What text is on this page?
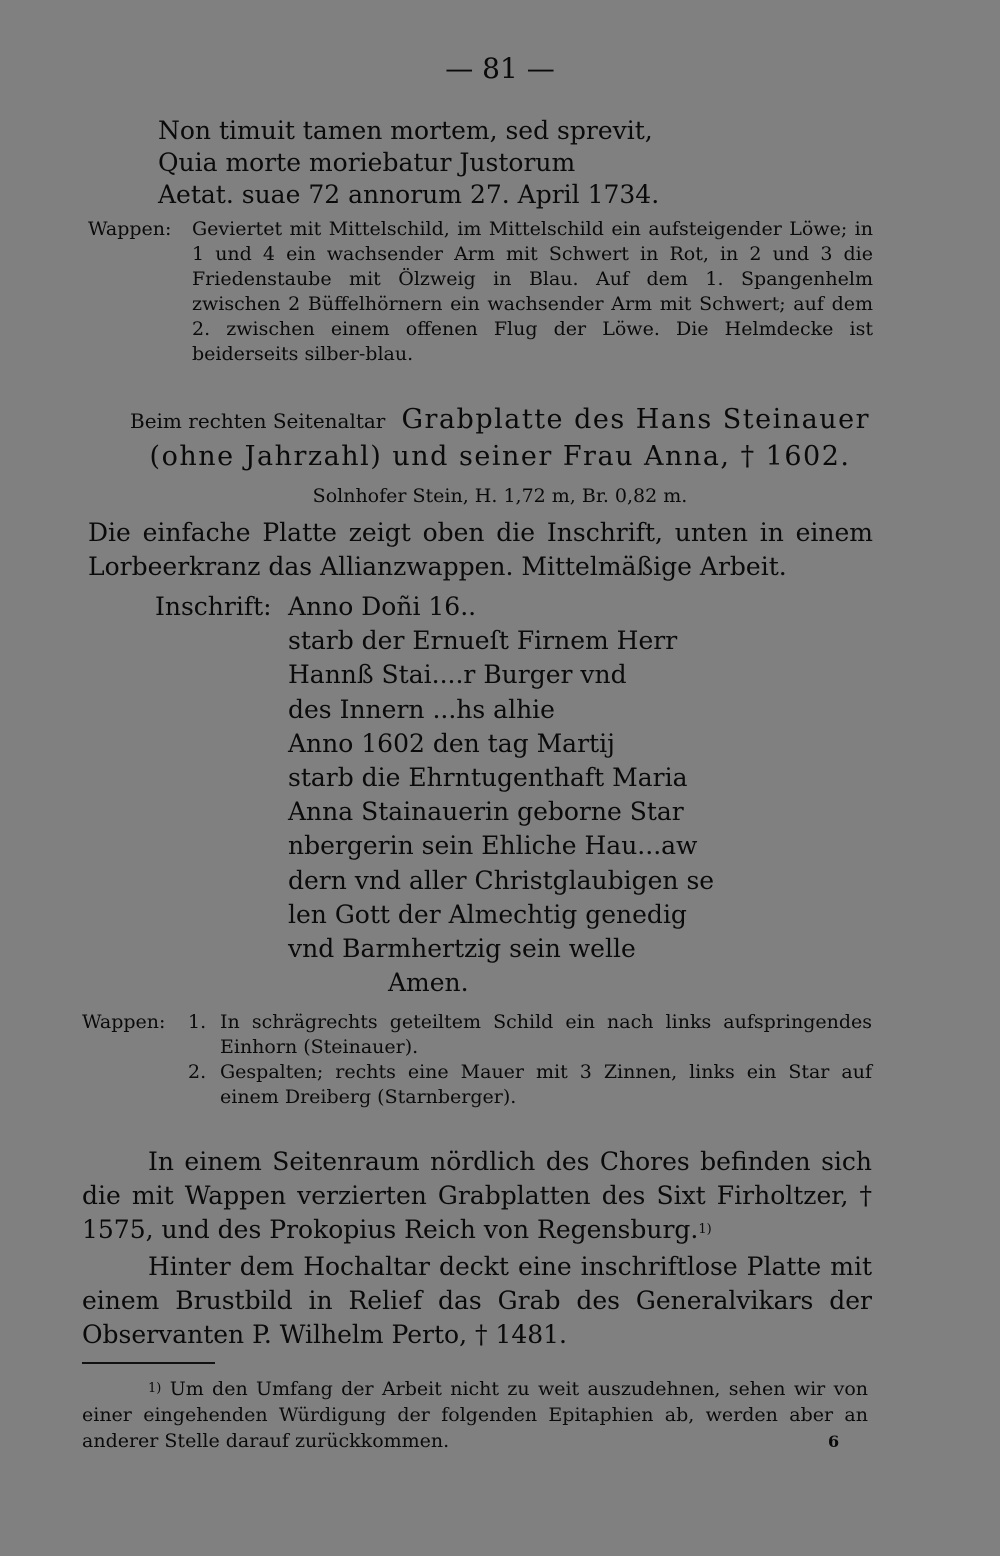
— 81 —
Non timuit tamen mortem, sed sprevit,
Quia morte moriebatur Justorum
Aetat. suae 72 annorum 27. April 1734.
Wappen: Geviertet mit Mittelschild, im Mittelschild ein aufsteigender Löwe; in 1 und 4 ein wachsender Arm mit Schwert in Rot, in 2 und 3 die Friedenstaube mit Ölzweig in Blau. Auf dem 1. Spangenhelm zwischen 2 Büffelhörnern ein wachsender Arm mit Schwert; auf dem 2. zwischen einem offenen Flug der Löwe. Die Helmdecke ist beiderseits silber-blau.
Beim rechten Seitenaltar Grabplatte des Hans Steinauer
(ohne Jahrzahl) und seiner Frau Anna, † 1602.
Solnhofer Stein, H. 1,72 m, Br. 0,82 m.
Die einfache Platte zeigt oben die Inschrift, unten in einem Lorbeerkranz das Allianzwappen. Mittelmäßige Arbeit.
Inschrift: Anno Doñi 16..
starb der Ernueſt Firnem Herr
Hannß Stai....r Burger vnd
des Innern ...hs alhie
Anno 1602 den tag Martij
starb die Ehrntugenthaft Maria
Anna Stainauerin geborne Star
nbergerin sein Ehliche Hau...aw
dern vnd aller Christglaubigen se
len Gott der Almechtig genedig
vnd Barmhertzig sein welle
Amen.
Wappen: 1. In schrägrechts geteiltem Schild ein nach links aufspringendes Einhorn (Steinauer).
2. Gespalten; rechts eine Mauer mit 3 Zinnen, links ein Star auf einem Dreiberg (Starnberger).
In einem Seitenraum nördlich des Chores befinden sich die mit Wappen verzierten Grabplatten des Sixt Firholtzer, † 1575, und des Prokopius Reich von Regensburg.$^{1)}$
Hinter dem Hochaltar deckt eine inschriftlose Platte mit einem Brustbild in Relief das Grab des Generalvikars der Observanten P. Wilhelm Perto, † 1481.
$^{1)}$ Um den Umfang der Arbeit nicht zu weit auszudehnen, sehen wir von einer eingehenden Würdigung der folgenden Epitaphien ab, werden aber an anderer Stelle darauf zurückkommen.	6
